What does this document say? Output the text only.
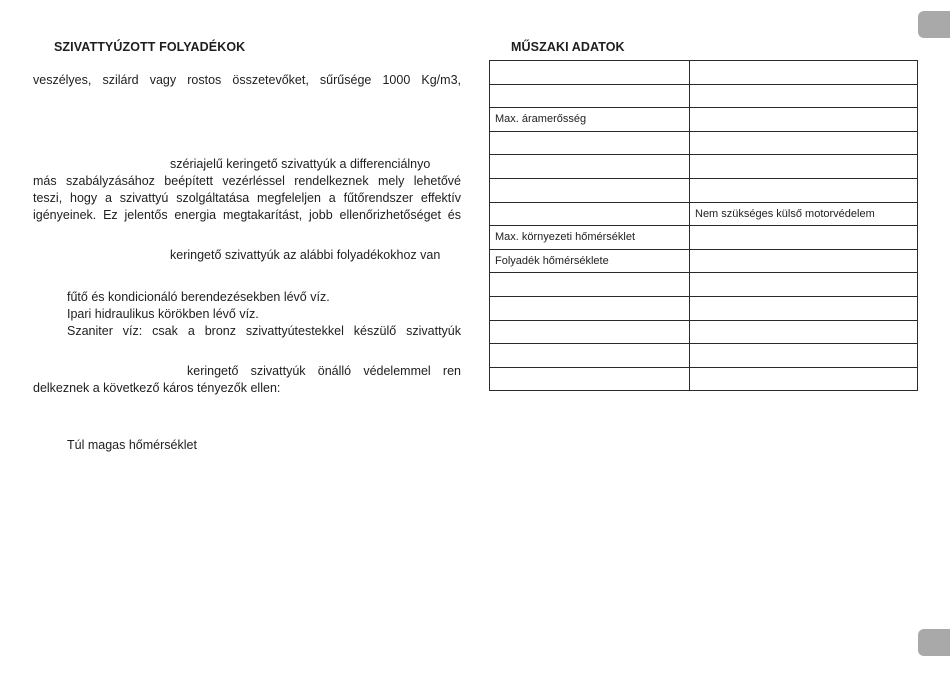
SZIVATTYÚZOTT FOLYADÉKOK
veszélyes, szilárd vagy rostos összetevőket, sűrűsége 1000 Kg/m3,
szériajelű keringető szivattyúk a differenciálnyo
más szabályzásához beépített vezérléssel rendelkeznek mely lehetővé
teszi, hogy a szivattyú szolgáltatása megfeleljen a fűtőrendszer effektív
igényeinek. Ez jelentős energia megtakarítást, jobb ellenőrizhetőséget és
keringető szivattyúk az alábbi folyadékokhoz van
fűtő és kondicionáló berendezésekben lévő víz.
Ipari hidraulikus körökben lévő víz.
Szaniter víz: csak a bronz szivattyútestekkel készülő szivattyúk
keringető szivattyúk önálló védelemmel ren
delkeznek a következő káros tényezők ellen:
Túl magas hőmérséklet
MŰSZAKI ADATOK

Max. áramerősség	

	Nem szükséges külső motorvédelem
Max. környezeti hőmérséklet	
Folyadék hőmérséklete	
